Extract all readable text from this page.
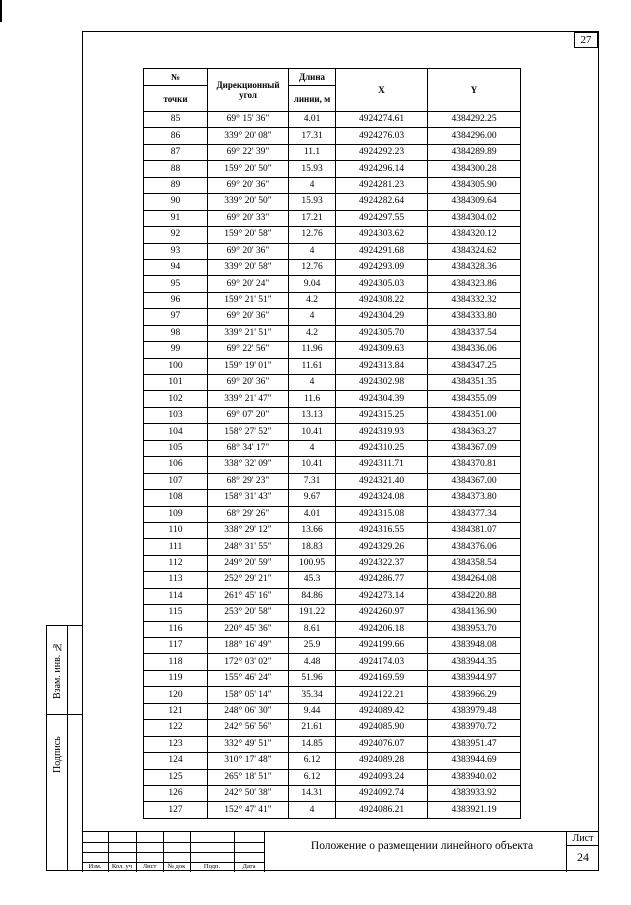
27
Взам. инв. №
Подпись
№	Дирекционный угол	Длина	X	Y
точки		линии, м		
85	69° 15' 36"	4.01	4924274.61	4384292.25
86	339° 20' 08"	17.31	4924276.03	4384296.00
87	69° 22' 39"	11.1	4924292.23	4384289.89
88	159° 20' 50"	15.93	4924296.14	4384300.28
89	69° 20' 36"	4	4924281.23	4384305.90
90	339° 20' 50"	15.93	4924282.64	4384309.64
91	69° 20' 33"	17.21	4924297.55	4384304.02
92	159° 20' 58"	12.76	4924303.62	4384320.12
93	69° 20' 36"	4	4924291.68	4384324.62
94	339° 20' 58"	12.76	4924293.09	4384328.36
95	69° 20' 24"	9.04	4924305.03	4384323.86
96	159° 21' 51"	4.2	4924308.22	4384332.32
97	69° 20' 36"	4	4924304.29	4384333.80
98	339° 21' 51"	4.2	4924305.70	4384337.54
99	69° 22' 56"	11.96	4924309.63	4384336.06
100	159° 19' 01"	11.61	4924313.84	4384347.25
101	69° 20' 36"	4	4924302.98	4384351.35
102	339° 21' 47"	11.6	4924304.39	4384355.09
103	69° 07' 20"	13.13	4924315.25	4384351.00
104	158° 27' 52"	10.41	4924319.93	4384363.27
105	68° 34' 17"	4	4924310.25	4384367.09
106	338° 32' 09"	10.41	4924311.71	4384370.81
107	68° 29' 23"	7.31	4924321.40	4384367.00
108	158° 31' 43"	9.67	4924324.08	4384373.80
109	68° 29' 26"	4.01	4924315.08	4384377.34
110	338° 29' 12"	13.66	4924316.55	4384381.07
111	248° 31' 55"	18.83	4924329.26	4384376.06
112	249° 20' 59"	100.95	4924322.37	4384358.54
113	252° 29' 21"	45.3	4924286.77	4384264.08
114	261° 45' 16"	84.86	4924273.14	4384220.88
115	253° 20' 58"	191.22	4924260.97	4384136.90
116	220° 45' 36"	8.61	4924206.18	4383953.70
117	188° 16' 49"	25.9	4924199.66	4383948.08
118	172° 03' 02"	4.48	4924174.03	4383944.35
119	155° 46' 24"	51.96	4924169.59	4383944.97
120	158° 05' 14"	35.34	4924122.21	4383966.29
121	248° 06' 30"	9.44	4924089.42	4383979.48
122	242° 56' 56"	21.61	4924085.90	4383970.72
123	332° 49' 51"	14.85	4924076.07	4383951.47
124	310° 17' 48"	6.12	4924089.28	4383944.69
125	265° 18' 51"	6.12	4924093.24	4383940.02
126	242° 50' 38"	14.31	4924092.74	4383933.92
127	152° 47' 41"	4	4924086.21	4383921.19
Изм.	Кол. уч	Лист	№ док	Подп.	Дата
Положение о размещении линейного объекта
Лист
24
